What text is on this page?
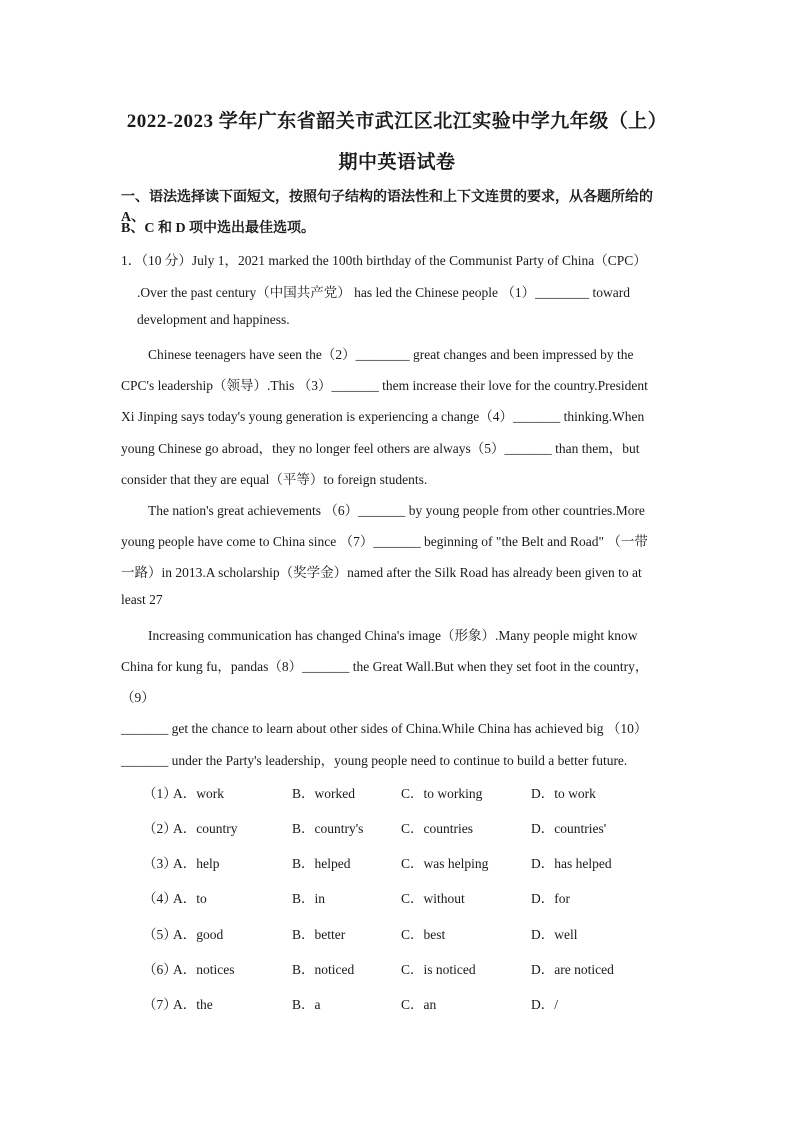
2022-2023 学年广东省韶关市武江区北江实验中学九年级（上）
期中英语试卷
一、语法选择读下面短文，按照句子结构的语法性和上下文连贯的要求，从各题所给的 A、
B、C 和 D 项中选出最佳选项。
1．（10 分）July 1，2021 marked the 100th birthday of the Communist Party of China（CPC）
.Over the past century（中国共产党） has led the Chinese people （1）________ toward
development and happiness.
Chinese teenagers have seen the（2）________ great changes and been impressed by the
CPC's leadership（领导）.This （3）_______ them increase their love for the country.President
Xi Jinping says today's young generation is experiencing a change（4）_______ thinking.When
young Chinese go abroad，they no longer feel others are always（5）_______ than them，but
consider that they are equal（平等）to foreign students.
The nation's great achievements （6）_______ by young people from other countries.More
young people have come to China since （7）_______ beginning of "the Belt and Road" （一带
一路）in 2013.A scholarship（奖学金）named after the Silk Road has already been given to at
least 27
Increasing communication has changed China's image（形象）.Many people might know
China for kung fu，pandas（8）_______ the Great Wall.But when they set foot in the country，
（9）
_______ get the chance to learn about other sides of China.While China has achieved big （10）
_______ under the Party's leadership，young people need to continue to build a better future.
（1）
A．work	B．worked	C．to working	D．to work
（2）
A．country	B．country's	C．countries	D．countries'
（3）
A．help	B．helped	C．was helping	D．has helped
（4）
A．to	B．in	C．without	D．for
（5）
A．good	B．better	C．best	D．well
（6）
A．notices	B．noticed	C．is noticed	D．are noticed
（7）
A．the	B．a	C．an	D．/
